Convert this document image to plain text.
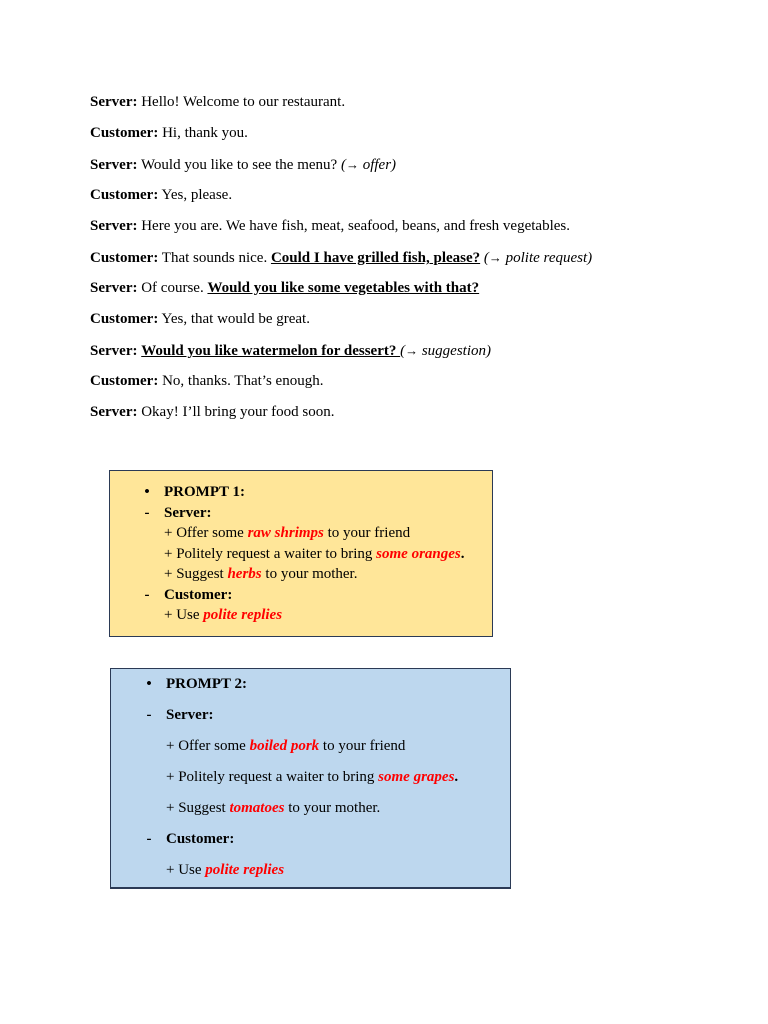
Server: Hello! Welcome to our restaurant.
Customer: Hi, thank you.
Server: Would you like to see the menu? (→ offer)
Customer: Yes, please.
Server: Here you are. We have fish, meat, seafood, beans, and fresh vegetables.
Customer: That sounds nice. Could I have grilled fish, please? (→ polite request)
Server: Of course. Would you like some vegetables with that?
Customer: Yes, that would be great.
Server: Would you like watermelon for dessert? (→ suggestion)
Customer: No, thanks. That’s enough.
Server: Okay! I’ll bring your food soon.
• PROMPT 1:
- Server:
+ Offer some raw shrimps to your friend
+ Politely request a waiter to bring some oranges.
+ Suggest herbs to your mother.
- Customer:
+ Use polite replies
• PROMPT 2:
- Server:
+ Offer some boiled pork to your friend
+ Politely request a waiter to bring some grapes.
+ Suggest tomatoes to your mother.
- Customer:
+ Use polite replies
